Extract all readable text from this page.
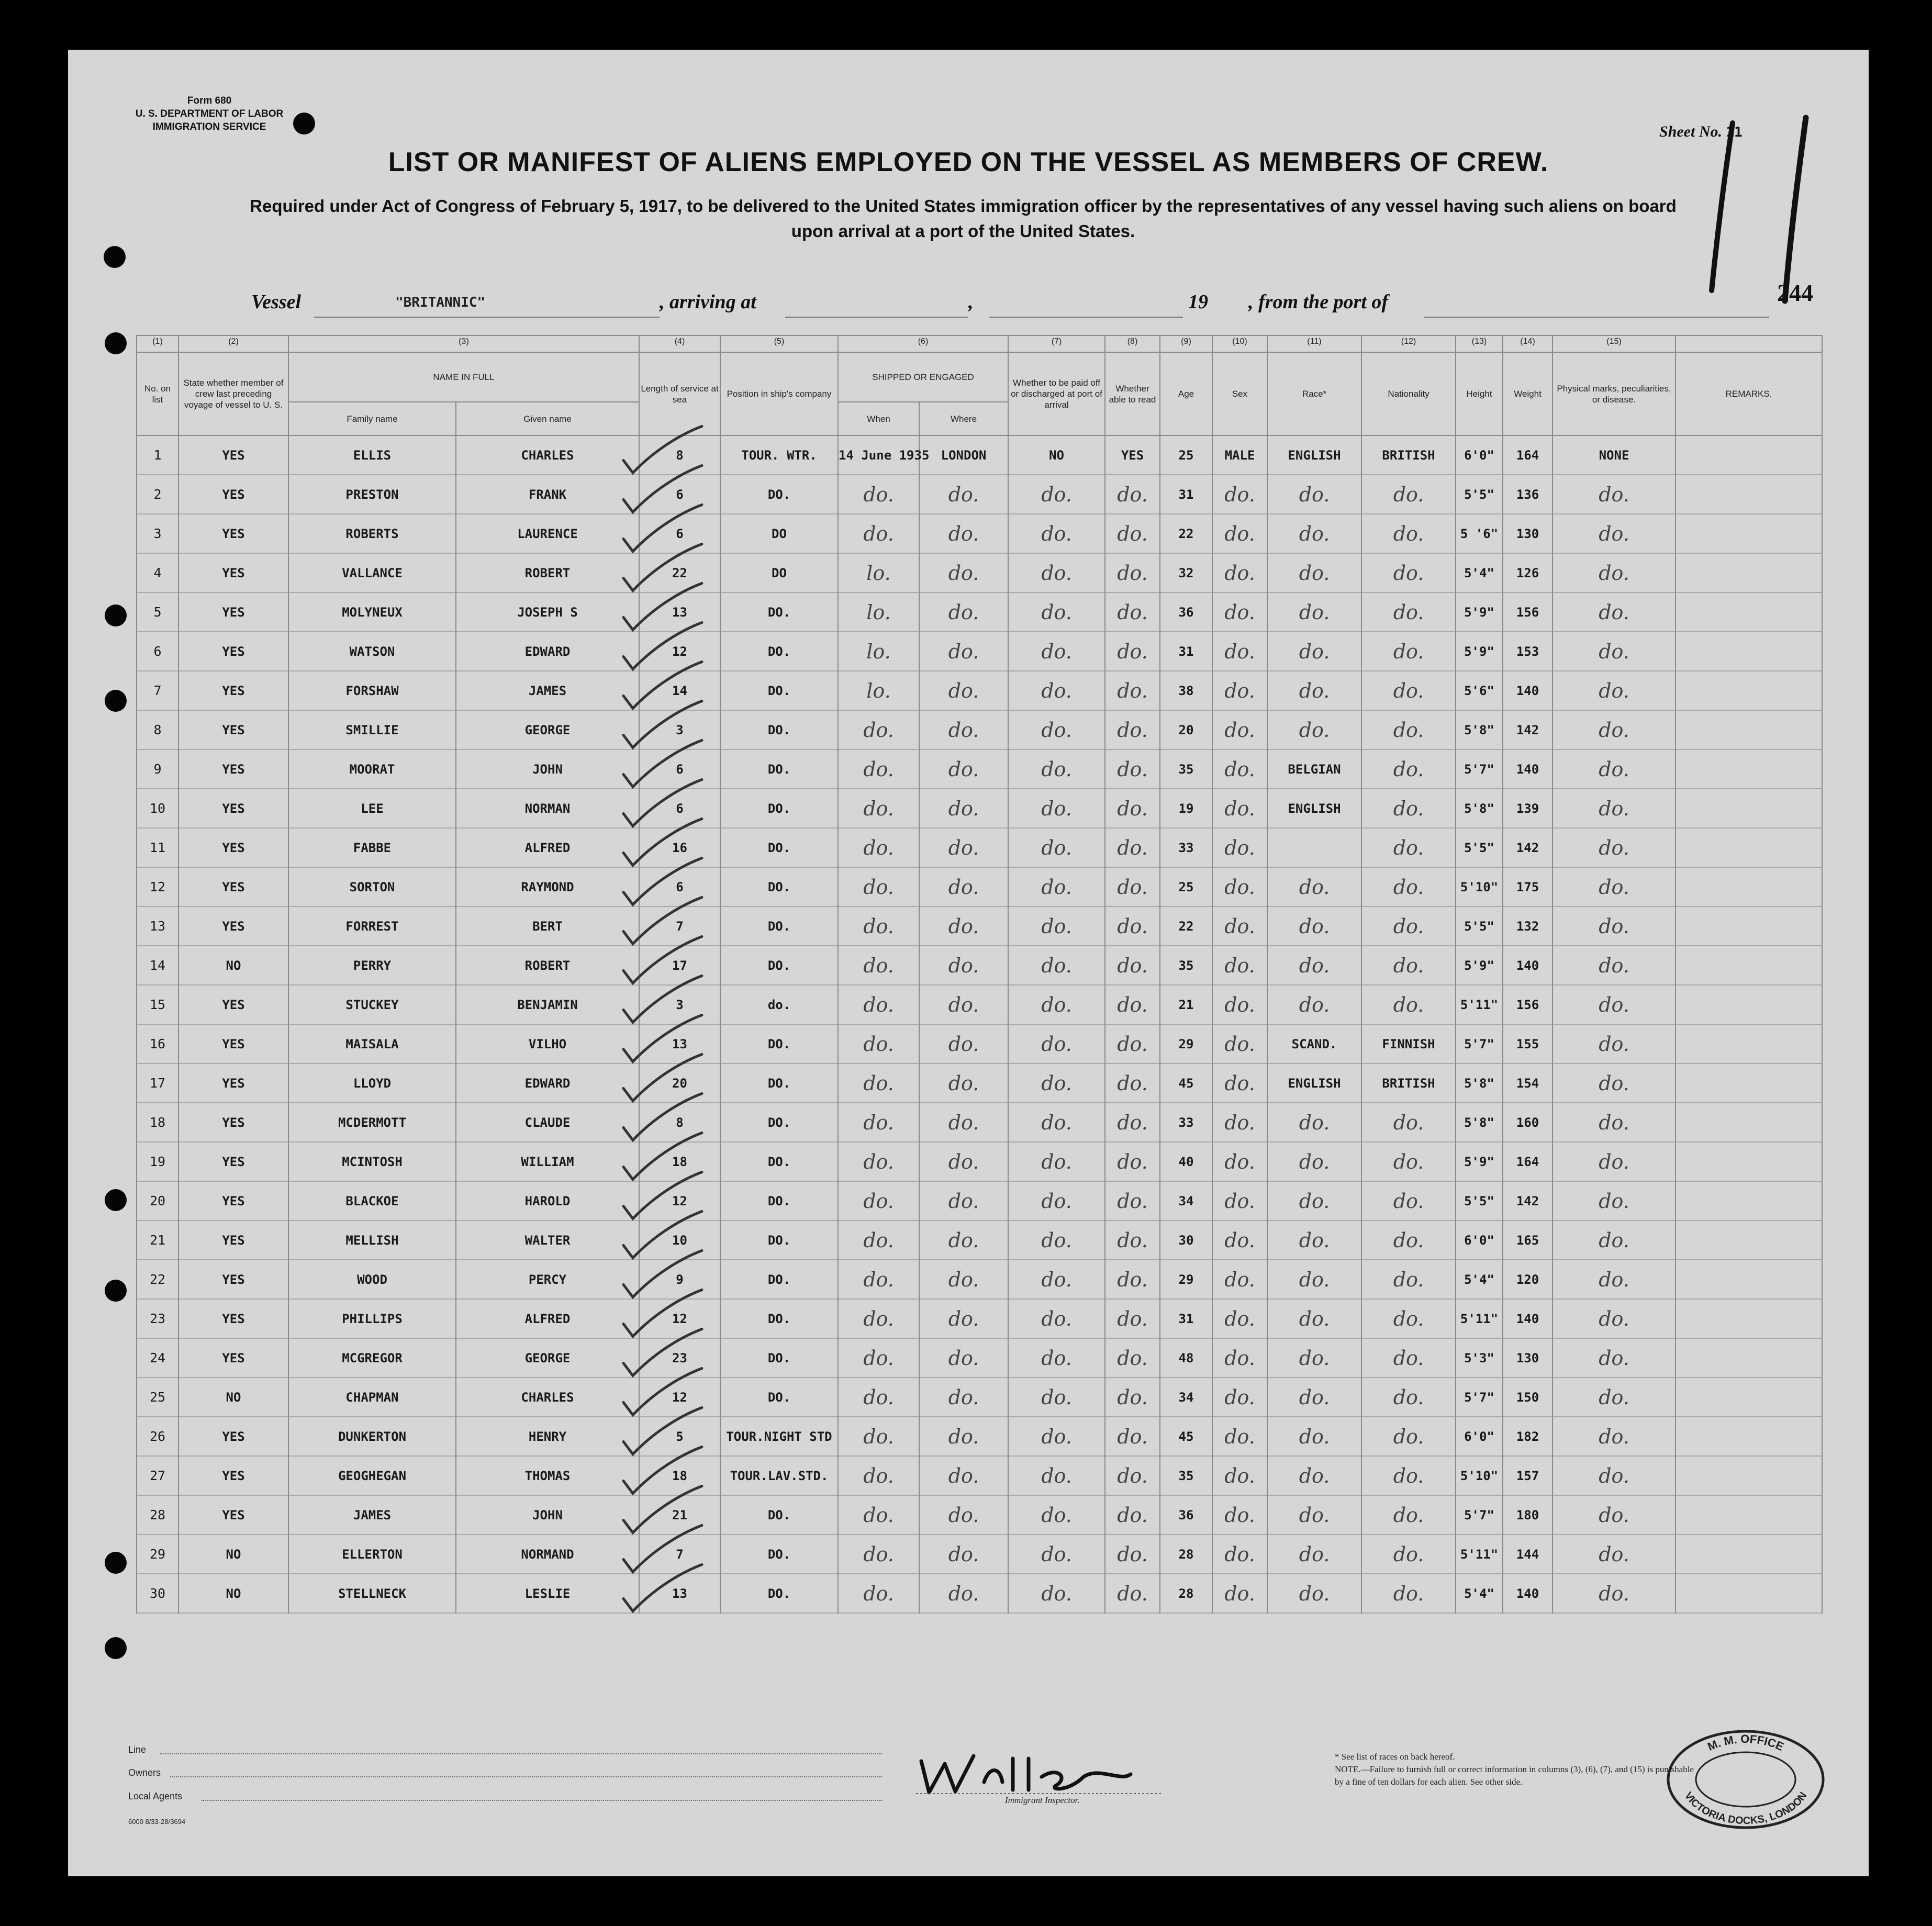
Form 680
U. S. DEPARTMENT OF LABOR
IMMIGRATION SERVICE	Sheet No. 11
LIST OR MANIFEST OF ALIENS EMPLOYED ON THE VESSEL AS MEMBERS OF CREW.
Required under Act of Congress of February 5, 1917, to be delivered to the United States immigration officer by the representatives of any vessel having such aliens on board upon arrival at a port of the United States.
Vessel	"BRITANNIC"	, arriving at	,	19 , from the port of	244
(1)	(2)	(3)		(4)	(5)	(6)		(7)	(8)	(9)	(10)	(11)	(12)	(13)	(14)	(15)	
No. on list	State whether member of crew last preceding voyage of vessel to U. S.	NAME IN FULL		Length of service at sea	Position in ship's company	SHIPPED OR ENGAGED		Whether to be paid off or discharged at port of arrival	Whether able to read	Age	Sex	Race*	Nationality	Height	Weight	Physical marks, peculiarities, or disease.	REMARKS.
		Family name	Given name			When	Where										
1	YES	ELLIS	CHARLES	8	TOUR. WTR.	14 June 1935	LONDON	NO	YES	25	MALE	ENGLISH	BRITISH	6'0"	164	NONE	
2	YES	PRESTON	FRANK	6	DO.	do.	do.	do.	do.	31	do.	do.	do.	5'5"	136	do.	
3	YES	ROBERTS	LAURENCE	6	DO	do.	do.	do.	do.	22	do.	do.	do.	5 '6"	130	do.	
4	YES	VALLANCE	ROBERT	22	DO	lo.	do.	do.	do.	32	do.	do.	do.	5'4"	126	do.	
5	YES	MOLYNEUX	JOSEPH S	13	DO.	lo.	do.	do.	do.	36	do.	do.	do.	5'9"	156	do.	
6	YES	WATSON	EDWARD	12	DO.	lo.	do.	do.	do.	31	do.	do.	do.	5'9"	153	do.	
7	YES	FORSHAW	JAMES	14	DO.	lo.	do.	do.	do.	38	do.	do.	do.	5'6"	140	do.	
8	YES	SMILLIE	GEORGE	3	DO.	do.	do.	do.	do.	20	do.	do.	do.	5'8"	142	do.	
9	YES	MOORAT	JOHN	6	DO.	do.	do.	do.	do.	35	do.	BELGIAN	do.	5'7"	140	do.	
10	YES	LEE	NORMAN	6	DO.	do.	do.	do.	do.	19	do.	ENGLISH	do.	5'8"	139	do.	
11	YES	FABBE	ALFRED	16	DO.	do.	do.	do.	do.	33	do.		do.	5'5"	142	do.	
12	YES	SORTON	RAYMOND	6	DO.	do.	do.	do.	do.	25	do.	do.	do.	5'10"	175	do.	
13	YES	FORREST	BERT	7	DO.	do.	do.	do.	do.	22	do.	do.	do.	5'5"	132	do.	
14	NO	PERRY	ROBERT	17	DO.	do.	do.	do.	do.	35	do.	do.	do.	5'9"	140	do.	
15	YES	STUCKEY	BENJAMIN	3	do.	do.	do.	do.	do.	21	do.	do.	do.	5'11"	156	do.	
16	YES	MAISALA	VILHO	13	DO.	do.	do.	do.	do.	29	do.	SCAND.	FINNISH	5'7"	155	do.	
17	YES	LLOYD	EDWARD	20	DO.	do.	do.	do.	do.	45	do.	ENGLISH	BRITISH	5'8"	154	do.	
18	YES	MCDERMOTT	CLAUDE	8	DO.	do.	do.	do.	do.	33	do.	do.	do.	5'8"	160	do.	
19	YES	MCINTOSH	WILLIAM	18	DO.	do.	do.	do.	do.	40	do.	do.	do.	5'9"	164	do.	
20	YES	BLACKOE	HAROLD	12	DO.	do.	do.	do.	do.	34	do.	do.	do.	5'5"	142	do.	
21	YES	MELLISH	WALTER	10	DO.	do.	do.	do.	do.	30	do.	do.	do.	6'0"	165	do.	
22	YES	WOOD	PERCY	9	DO.	do.	do.	do.	do.	29	do.	do.	do.	5'4"	120	do.	
23	YES	PHILLIPS	ALFRED	12	DO.	do.	do.	do.	do.	31	do.	do.	do.	5'11"	140	do.	
24	YES	MCGREGOR	GEORGE	23	DO.	do.	do.	do.	do.	48	do.	do.	do.	5'3"	130	do.	
25	NO	CHAPMAN	CHARLES	12	DO.	do.	do.	do.	do.	34	do.	do.	do.	5'7"	150	do.	
26	YES	DUNKERTON	HENRY	5	TOUR.NIGHT STD	do.	do.	do.	do.	45	do.	do.	do.	6'0"	182	do.	
27	YES	GEOGHEGAN	THOMAS	18	TOUR.LAV.STD.	do.	do.	do.	do.	35	do.	do.	do.	5'10"	157	do.	
28	YES	JAMES	JOHN	21	DO.	do.	do.	do.	do.	36	do.	do.	do.	5'7"	180	do.	
29	NO	ELLERTON	NORMAND	7	DO.	do.	do.	do.	do.	28	do.	do.	do.	5'11"	144	do.	
30	NO	STELLNECK	LESLIE	13	DO.	do.	do.	do.	do.	28	do.	do.	do.	5'4"	140	do.	
Line
Owners
Local Agents
6000 8/33-28/3694
Immigrant Inspector.
* See list of races on back hereof.
NOTE.—Failure to furnish full or correct information in columns (3), (6), (7), and (15) is punishable by a fine of ten dollars for each alien. See other side.
M. M. OFFICE
VICTORIA DOCKS, LONDON
